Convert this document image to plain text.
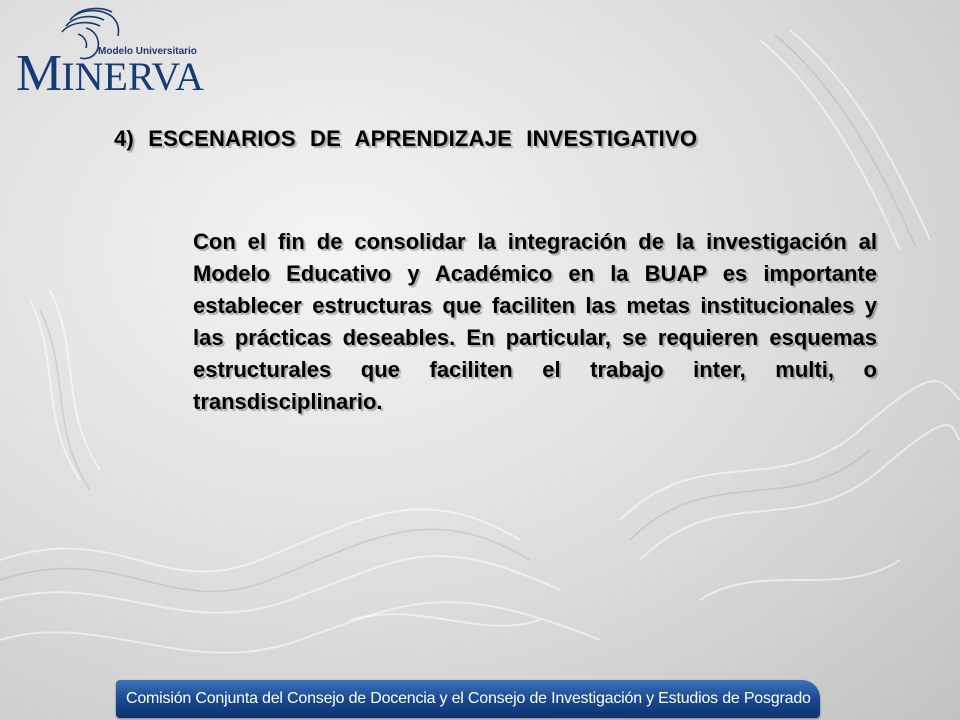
Modelo Universitario
MINERVA
4) ESCENARIOS DE APRENDIZAJE INVESTIGATIVO
Con el fin de consolidar la integración de la investigación al Modelo Educativo y Académico en la BUAP es importante establecer estructuras que faciliten las metas institucionales y las prácticas deseables. En particular, se requieren esquemas estructurales que faciliten el trabajo inter, multi, o transdisciplinario.
Comisión Conjunta del Consejo de Docencia y el Consejo de Investigación y Estudios de Posgrado
